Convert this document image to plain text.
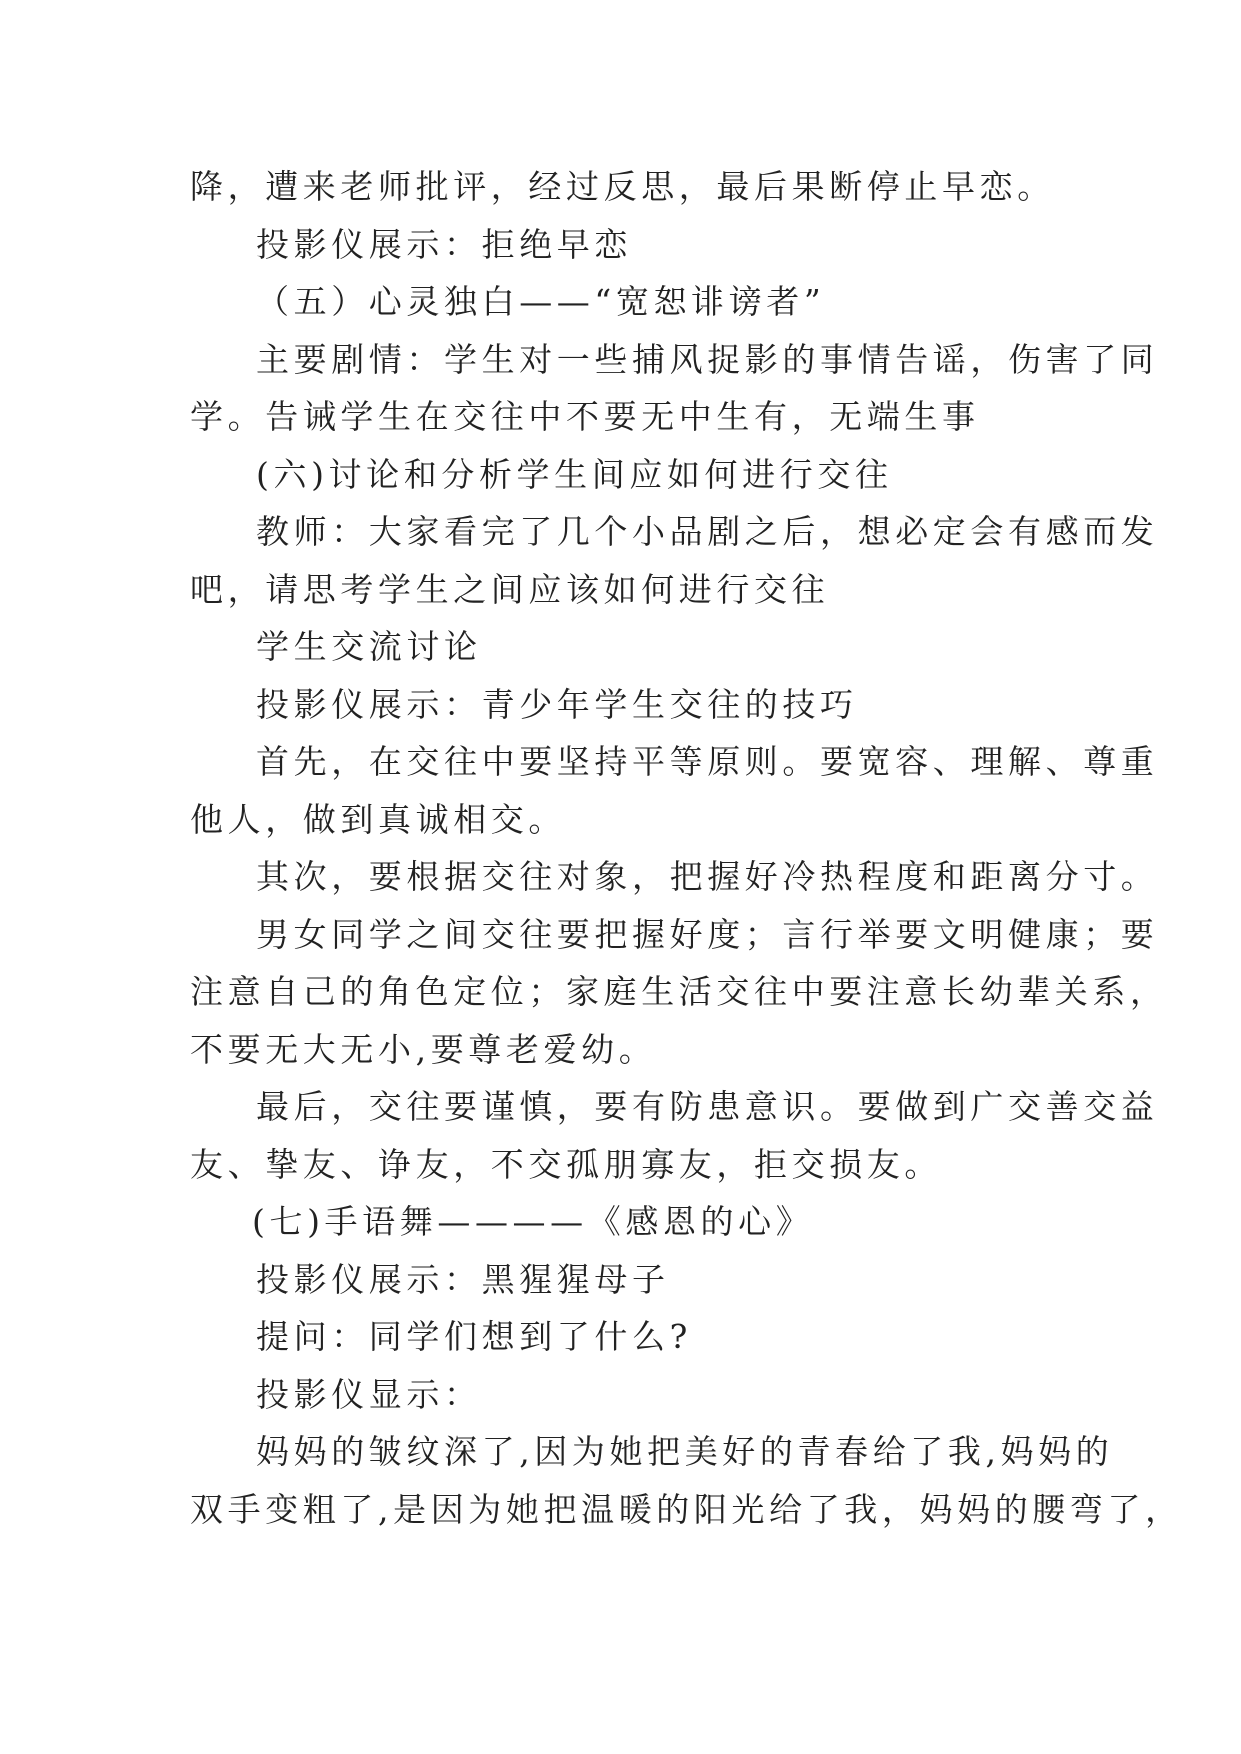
降，遭来老师批评，经过反思，最后果断停止早恋。
投影仪展示：拒绝早恋
（五）心灵独白——“宽恕诽谤者”
主要剧情：学生对一些捕风捉影的事情告谣，伤害了同
学。告诫学生在交往中不要无中生有，无端生事
(六)讨论和分析学生间应如何进行交往
教师：大家看完了几个小品剧之后，想必定会有感而发
吧，请思考学生之间应该如何进行交往
学生交流讨论
投影仪展示：青少年学生交往的技巧
首先，在交往中要坚持平等原则。要宽容、理解、尊重
他人，做到真诚相交。
其次，要根据交往对象，把握好冷热程度和距离分寸。
男女同学之间交往要把握好度；言行举要文明健康；要
注意自己的角色定位；家庭生活交往中要注意长幼辈关系，
不要无大无小,要尊老爱幼。
最后，交往要谨慎，要有防患意识。要做到广交善交益
友、挚友、诤友，不交孤朋寡友，拒交损友。
(七)手语舞————《感恩的心》
投影仪展示：黑猩猩母子
提问：同学们想到了什么?
投影仪显示：
妈妈的皱纹深了,因为她把美好的青春给了我,妈妈的
双手变粗了,是因为她把温暖的阳光给了我，妈妈的腰弯了，
